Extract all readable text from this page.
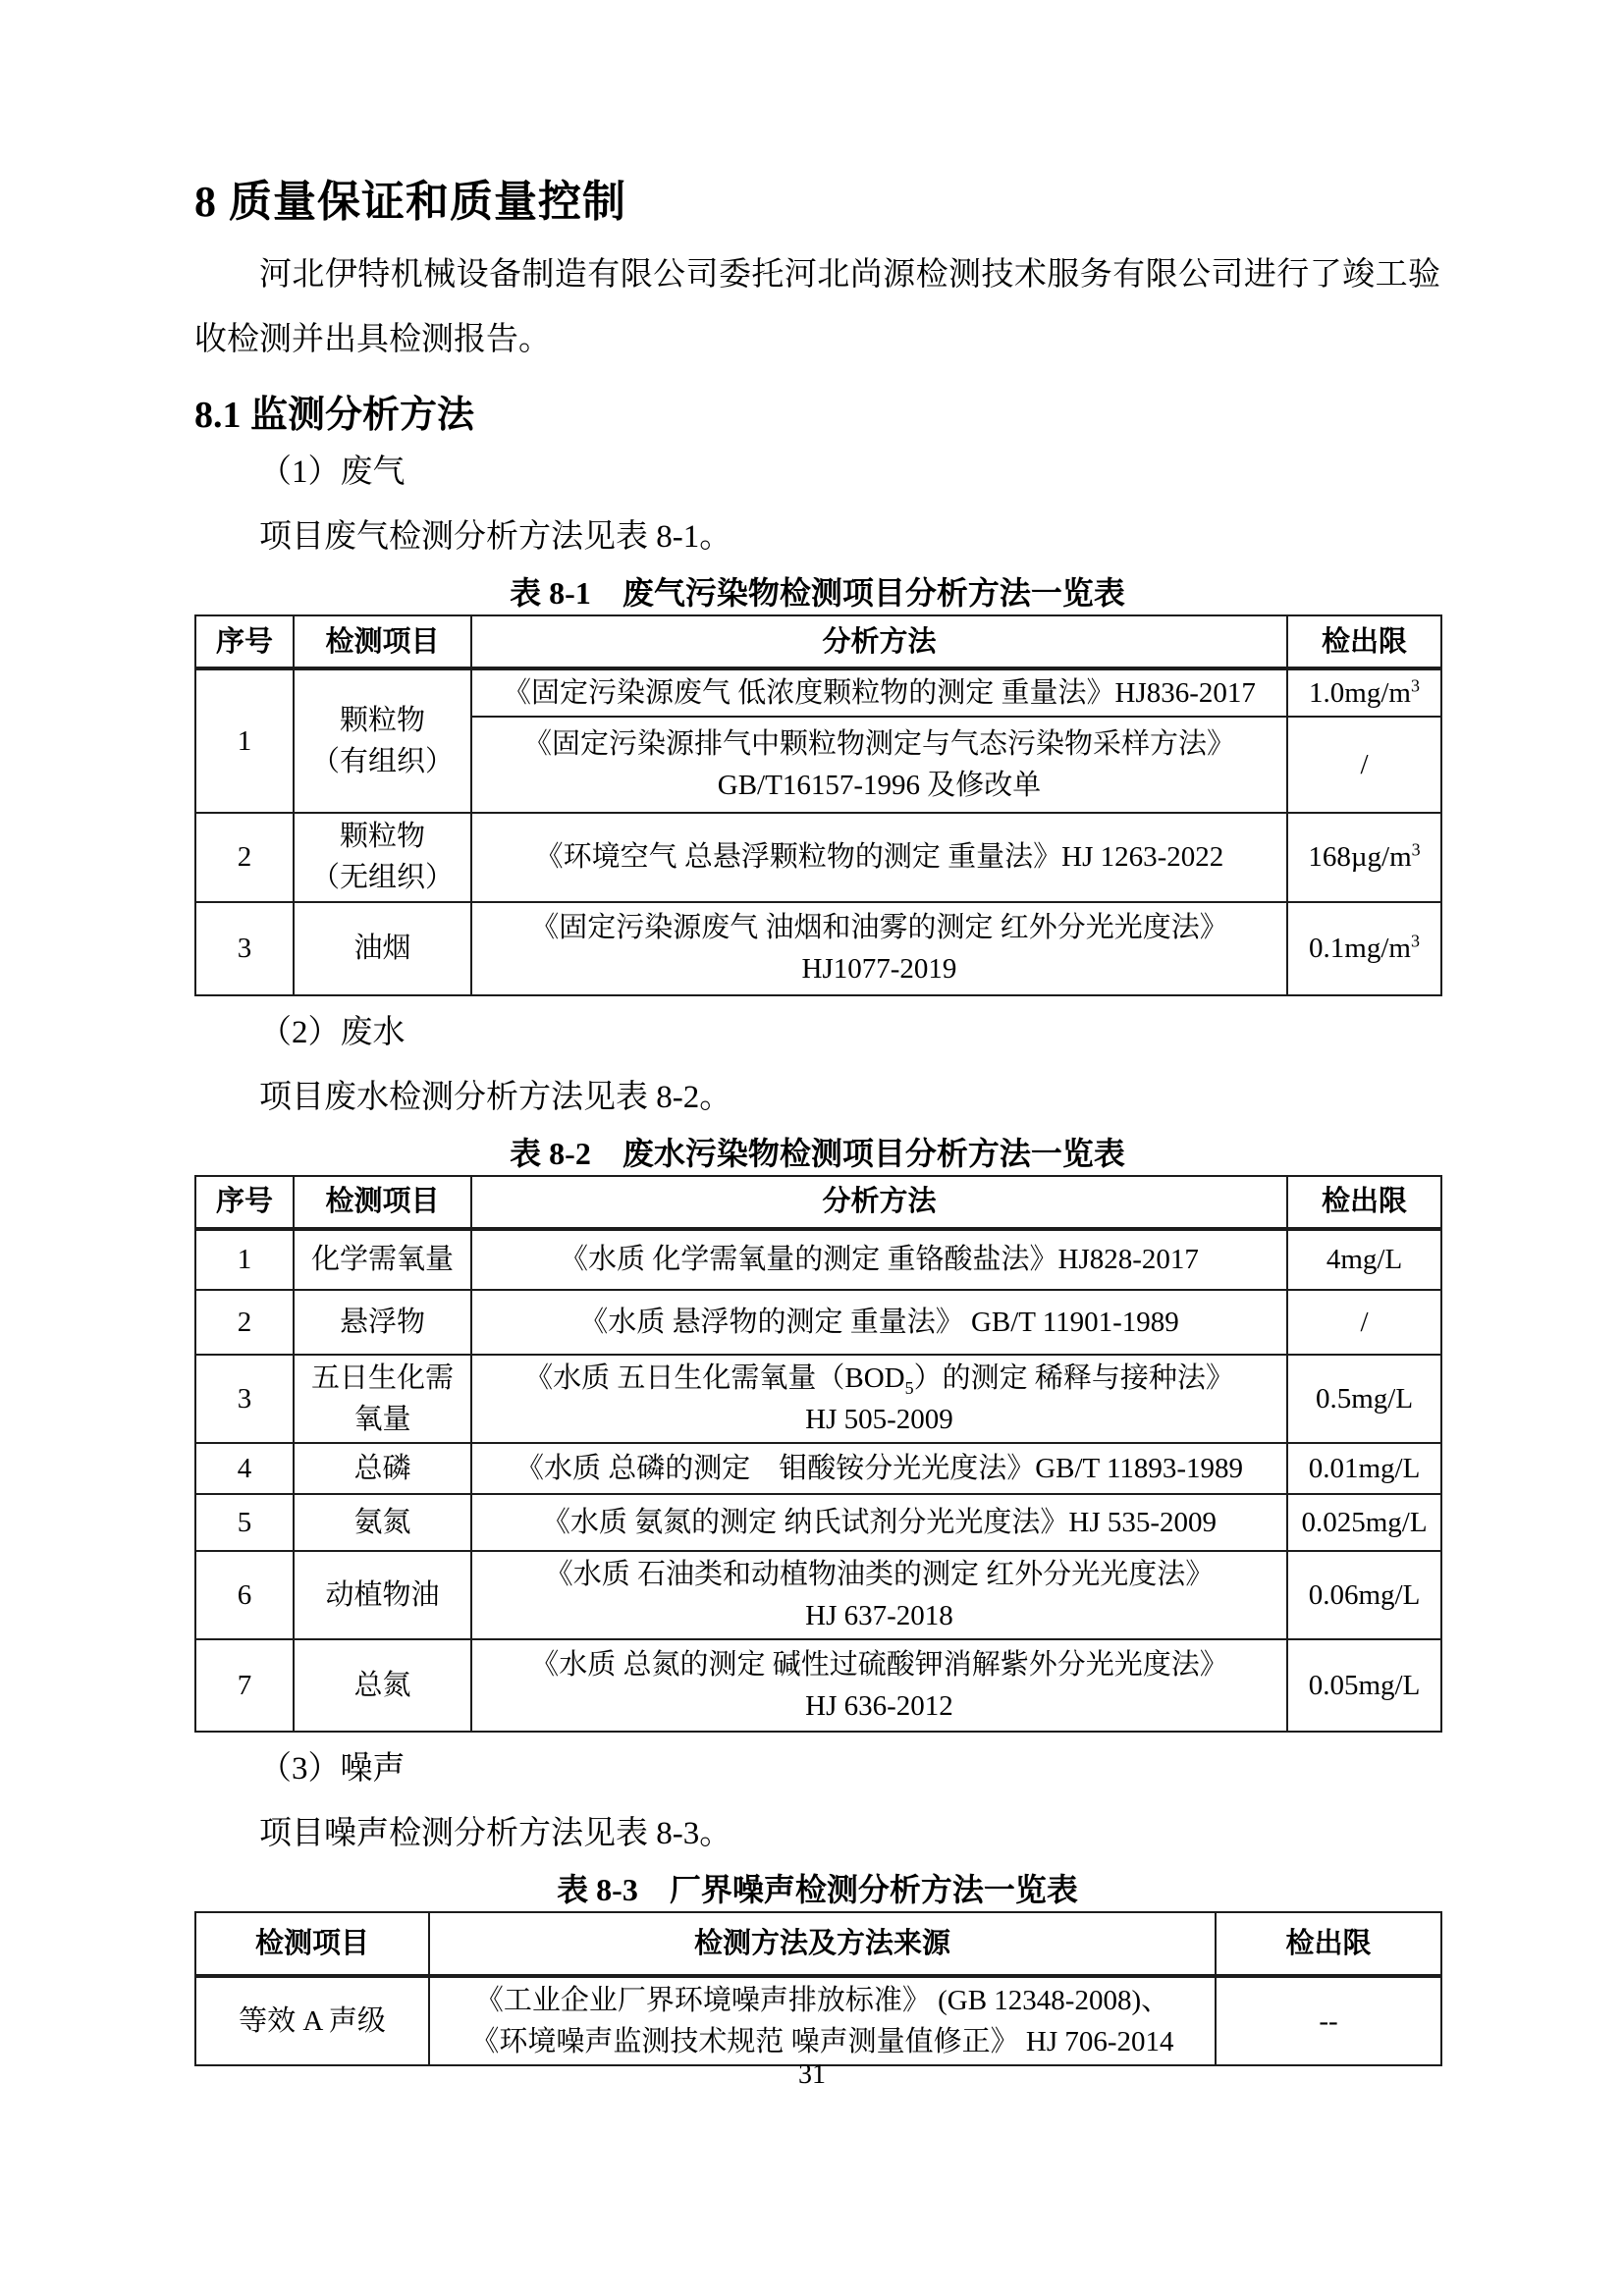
8 质量保证和质量控制

河北伊特机械设备制造有限公司委托河北尚源检测技术服务有限公司进行了竣工验收检测并出具检测报告。

8.1 监测分析方法

（1）废气

项目废气检测分析方法见表 8-1。

表 8-1　废气污染物检测项目分析方法一览表

序号	检测项目	分析方法	检出限
1	颗粒物
（有组织）	《固定污染源废气 低浓度颗粒物的测定 重量法》HJ836-2017	$1.0mg/m^3$

		《固定污染源排气中颗粒物测定与气态污染物采样方法》
GB/T16157-1996 及修改单	/
2	颗粒物
（无组织）	《环境空气 总悬浮颗粒物的测定 重量法》HJ 1263-2022	$168\mu g/m^3$
3	油烟	《固定污染源废气 油烟和油雾的测定 红外分光光度法》
HJ1077-2019	$0.1mg/m^3$

（2）废水

项目废水检测分析方法见表 8-2。

表 8-2　废水污染物检测项目分析方法一览表

序号	检测项目	分析方法	检出限
1	化学需氧量	《水质 化学需氧量的测定 重铬酸盐法》HJ828-2017	4mg/L
2	悬浮物	《水质 悬浮物的测定 重量法》 GB/T 11901-1989	/
3	五日生化需氧量	《水质 五日生化需氧量$(BOD_5)$的测定 稀释与接种法》
HJ 505-2009	0.5mg/L
4	总磷	《水质 总磷的测定　钼酸铵分光光度法》GB/T 11893-1989	0.01mg/L
5	氨氮	《水质 氨氮的测定 纳氏试剂分光光度法》HJ 535-2009	0.025mg/L
6	动植物油	《水质 石油类和动植物油类的测定 红外分光光度法》
HJ 637-2018	0.06mg/L
7	总氮	《水质 总氮的测定 碱性过硫酸钾消解紫外分光光度法》
HJ 636-2012	0.05mg/L

（3）噪声

项目噪声检测分析方法见表 8-3。

表 8-3　厂界噪声检测分析方法一览表

检测项目	检测方法及方法来源	检出限
等效 A 声级	《工业企业厂界环境噪声排放标准》 (GB 12348-2008)、
《环境噪声监测技术规范 噪声测量值修正》 HJ 706-2014	--
31
